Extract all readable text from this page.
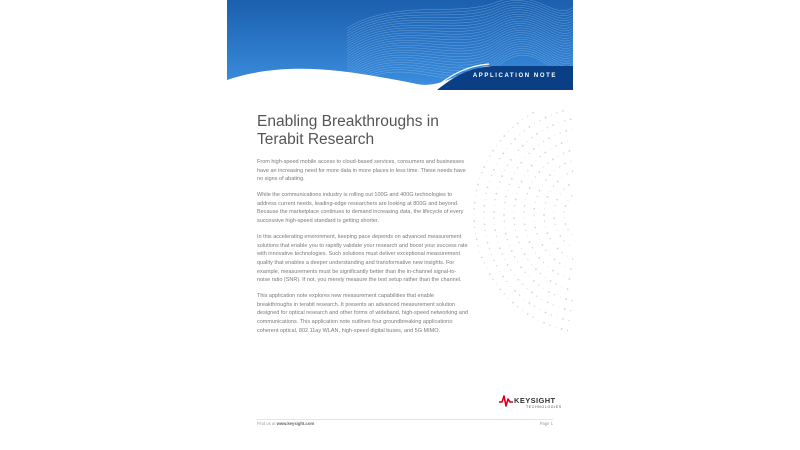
APPLICATION NOTE
Enabling Breakthroughs in
Terabit Research

From high-speed mobile access to cloud-based services, consumers and businesses have an increasing need for more data in more places in less time. These needs have no signs of abating.

While the communications industry is rolling out 100G and 400G technologies to address current needs, leading-edge researchers are looking at 800G and beyond. Because the marketplace continues to demand increasing data, the lifecycle of every successive high-speed standard is getting shorter.

In this accelerating environment, keeping pace depends on advanced measurement solutions that enable you to rapidly validate your research and boost your success rate with innovative technologies. Such solutions must deliver exceptional measurement quality that enables a deeper understanding and transformative new insights. For example, measurements must be significantly better than the in-channel signal-to-noise ratio (SNR). If not, you merely measure the test setup rather than the channel.

This application note explores new measurement capabilities that enable breakthroughs in terabit research. It presents an advanced measurement solution designed for optical research and other forms of wideband, high-speed networking and communications. This application note outlines four groundbreaking applications: coherent optical, 802.11ay WLAN, high-speed digital buses, and 5G MIMO.

KEYSIGHT
TECHNOLOGIES
Find us at www.keysight.com	Page 1
